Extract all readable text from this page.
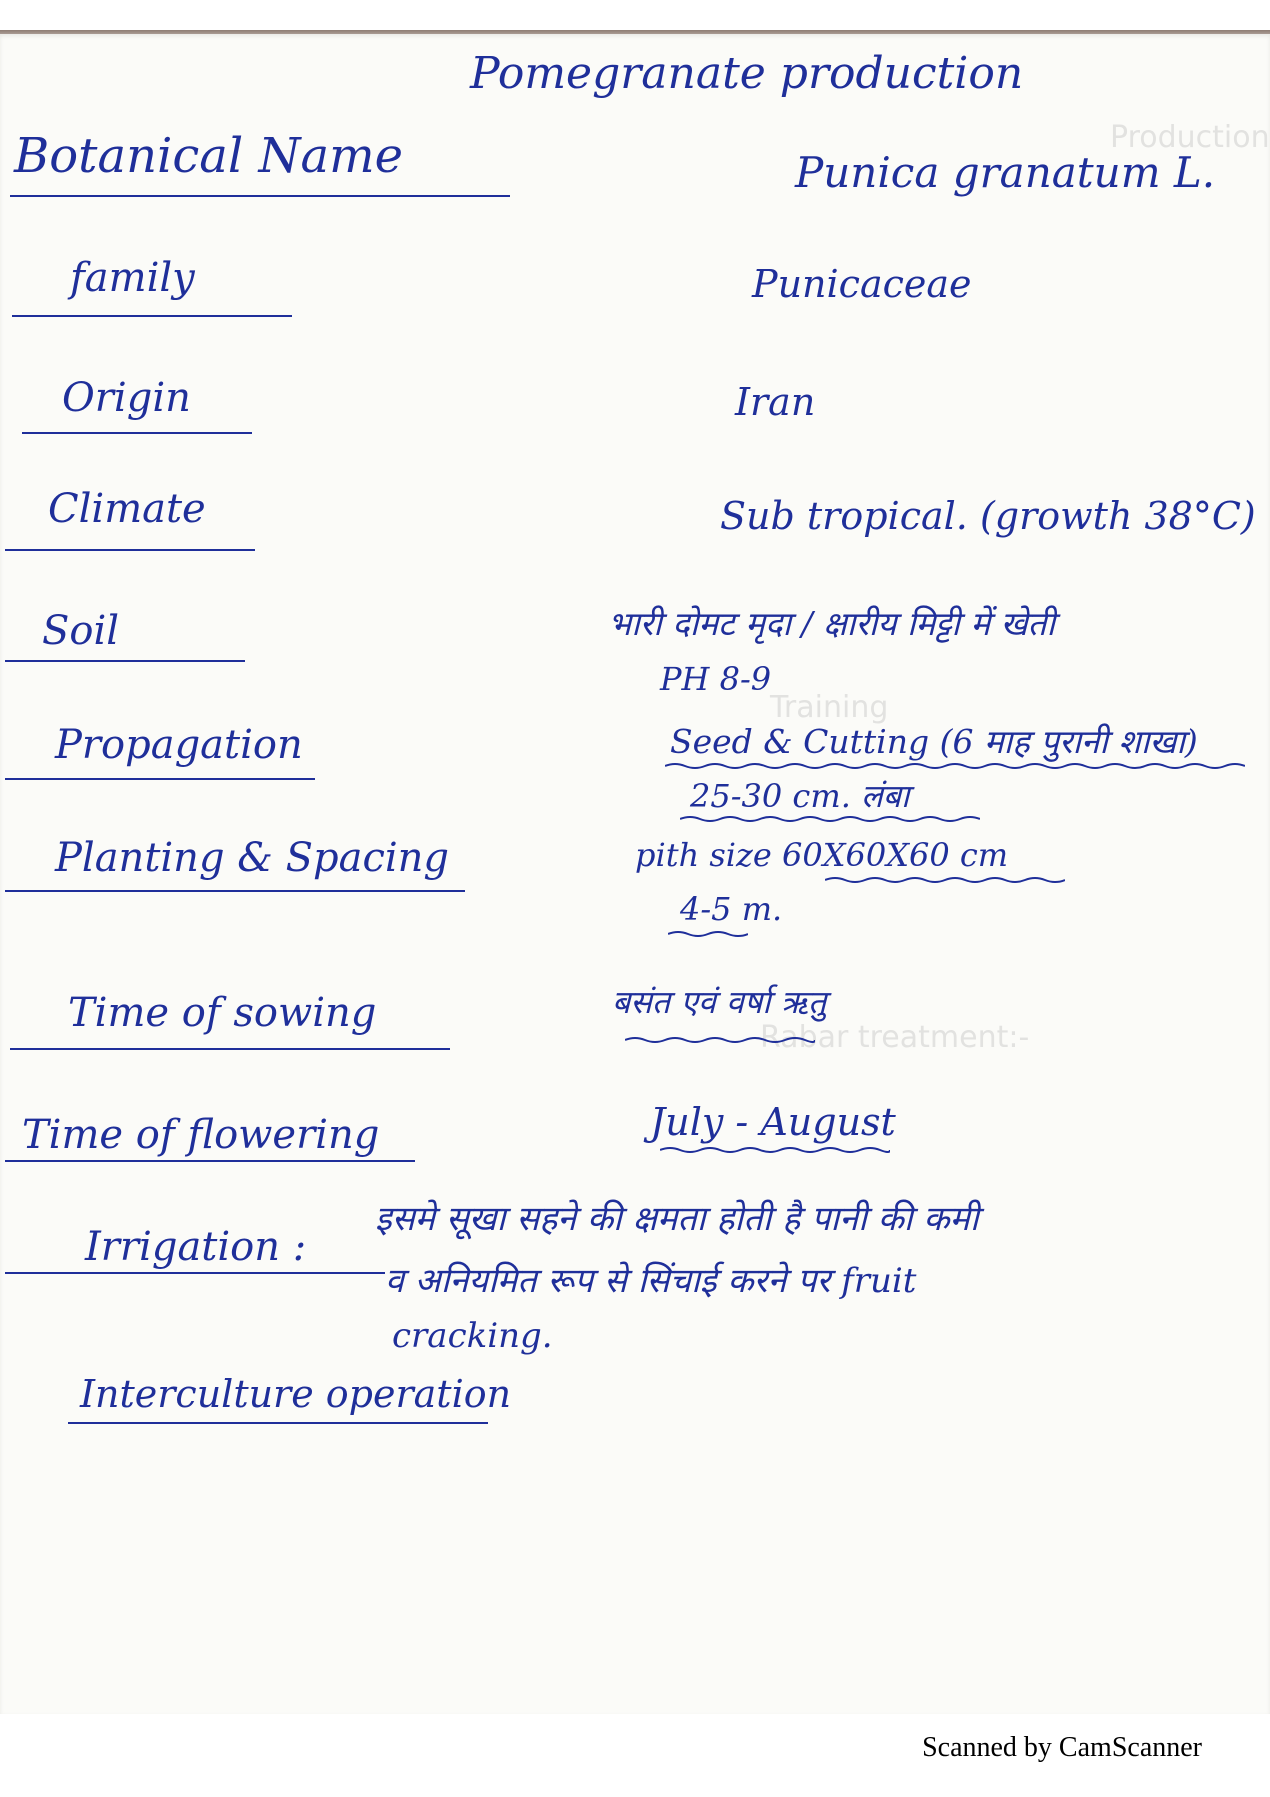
Production
Training
Rabar treatment:-
Pomegranate production
Botanical Name	Punica granatum L.
family	Punicaceae
Origin	Iran
Climate	Sub tropical. (growth 38°C)
Soil	भारी दोमट मृदा / क्षारीय मिट्टी में खेती
PH 8-9
Propagation	Seed & Cutting (6 माह पुरानी शाखा)
25-30 cm. लंबा
Planting & Spacing	pith size 60X60X60 cm
4-5 m.
Time of sowing	बसंत एवं वर्षा ऋतु
Time of flowering	July - August
Irrigation :
इसमे सूखा सहने की क्षमता होती है पानी की कमी
व अनियमित रूप से सिंचाई करने पर fruit
cracking.
Interculture operation
Scanned by CamScanner
